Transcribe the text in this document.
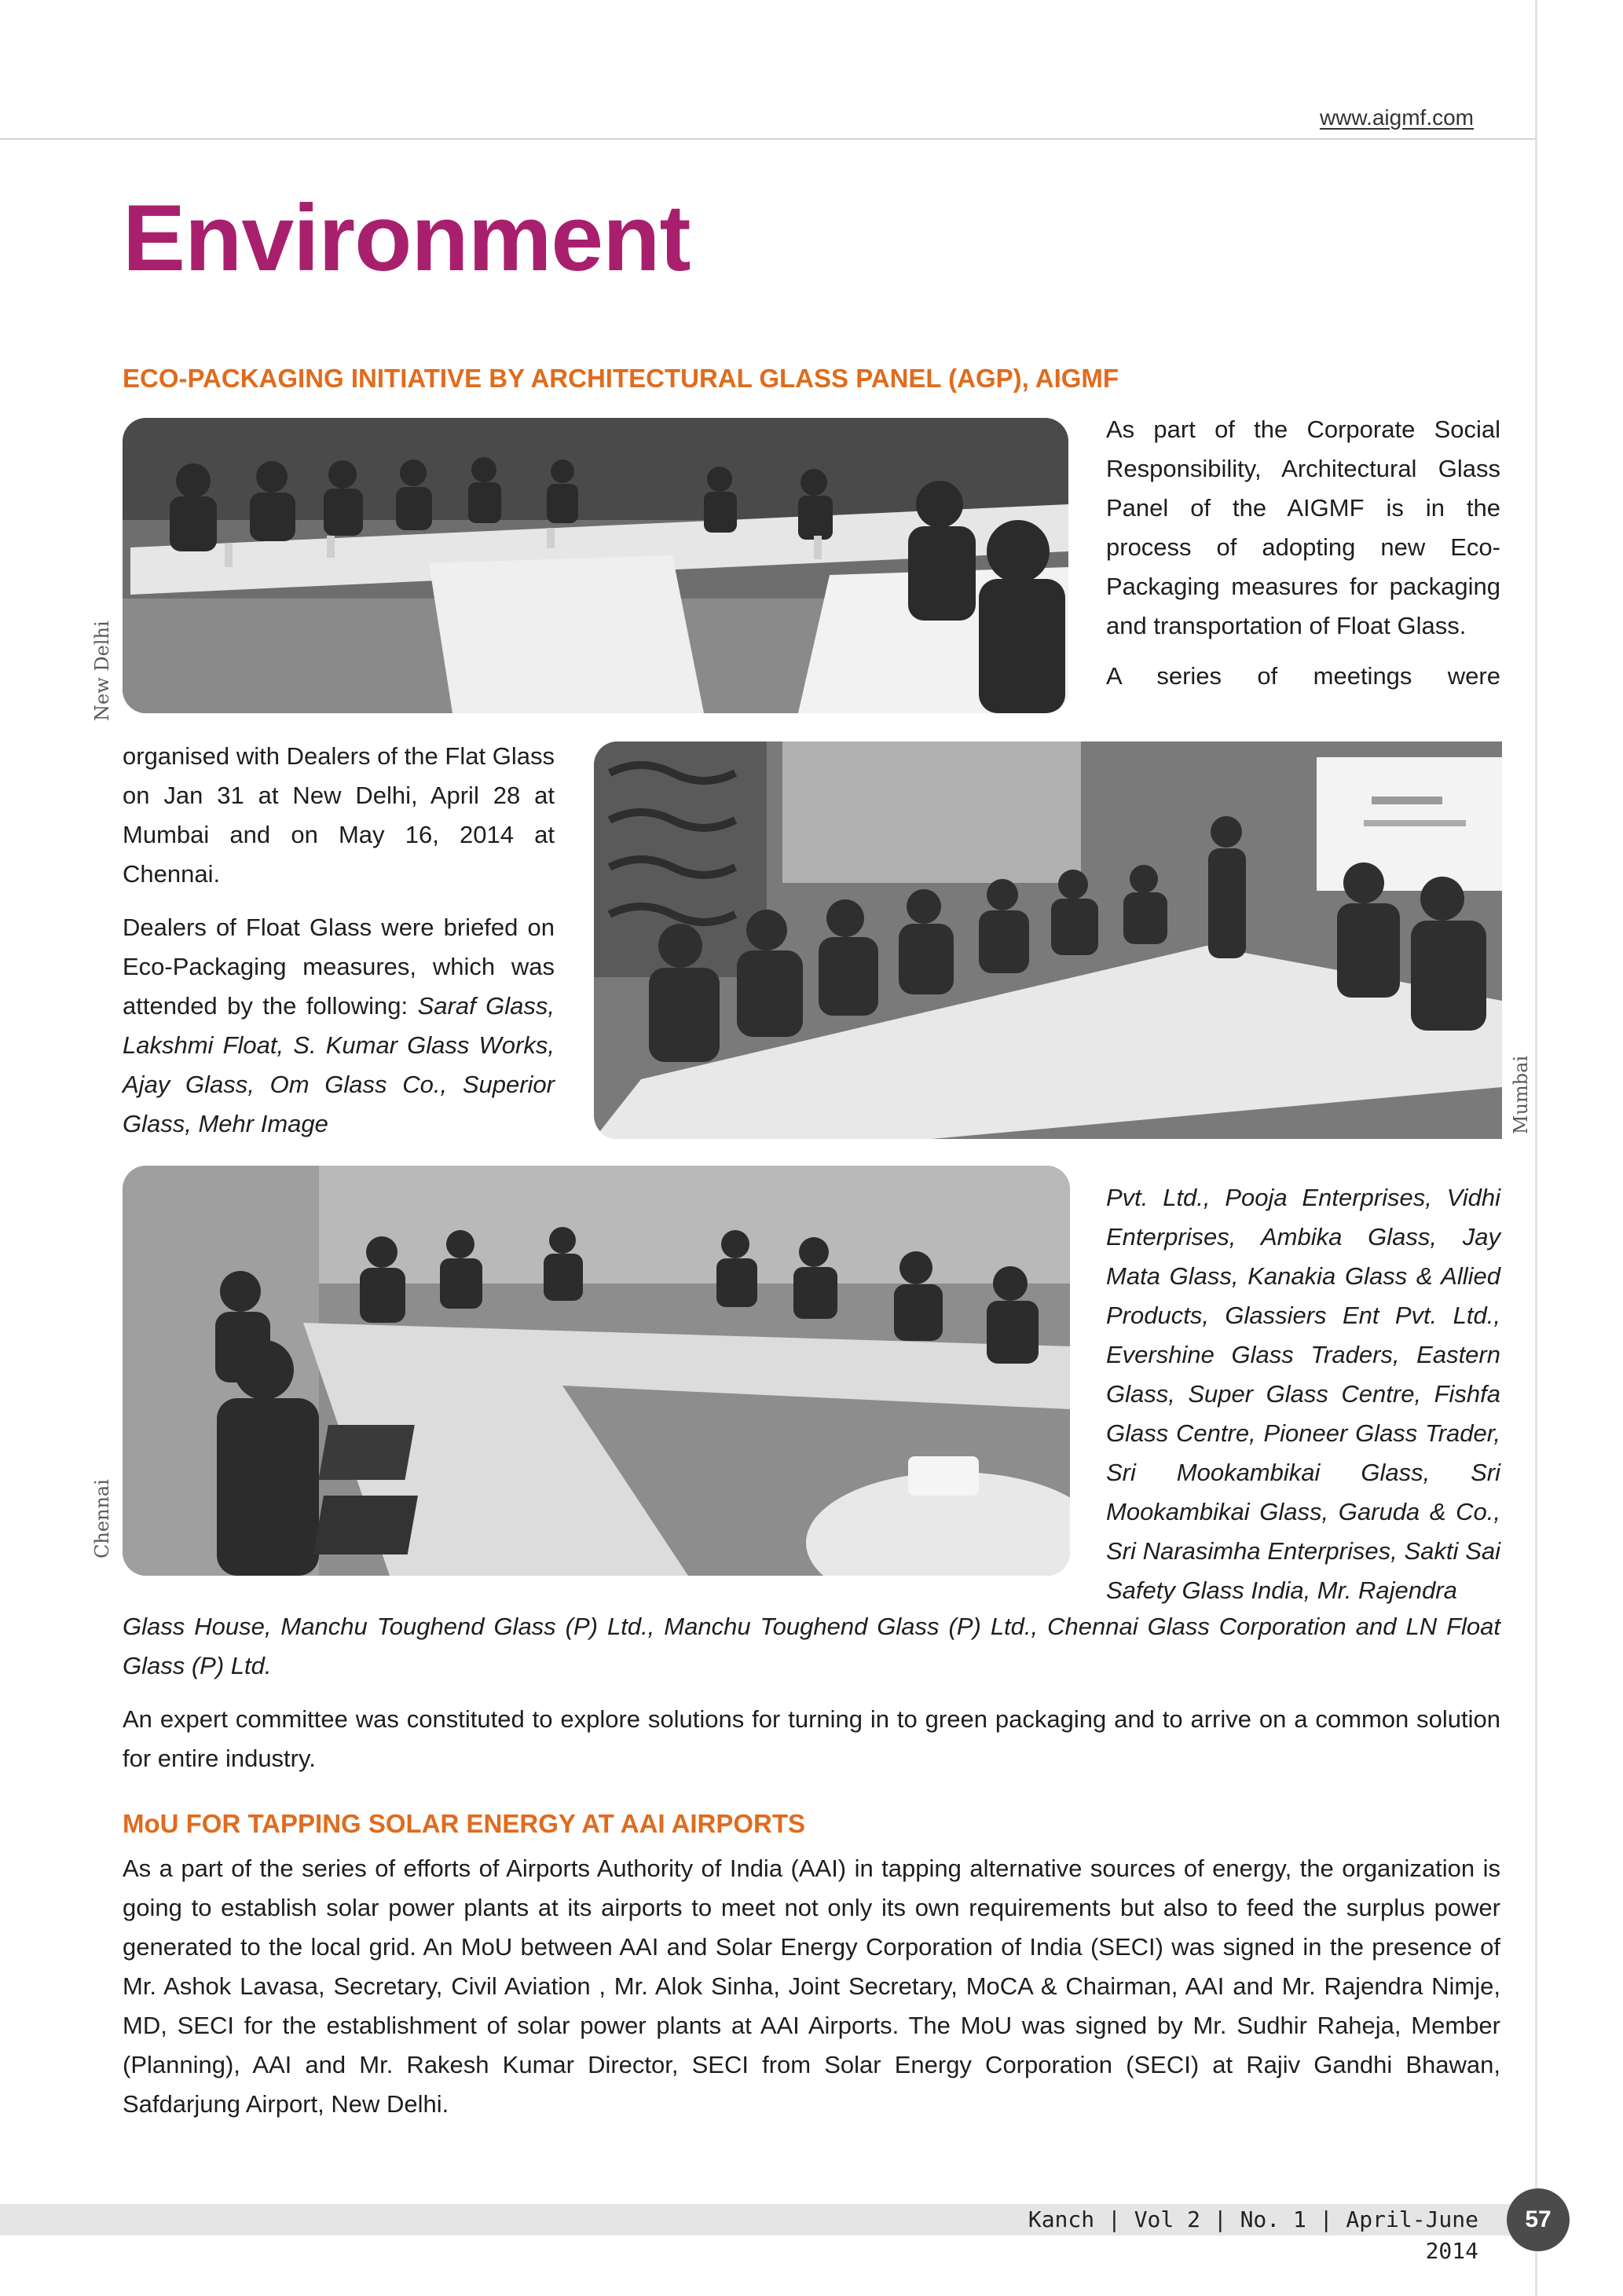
www.aigmf.com
Environment
ECO-PACKAGING INITIATIVE BY ARCHITECTURAL GLASS PANEL (AGP), AIGMF
New Delhi

As part of the Corporate Social Responsibility, Architectural Glass Panel of the AIGMF is in the process of adopting new Eco-Packaging measures for packaging and transportation of Float Glass.

A series of meetings were

organised with Dealers of the Flat Glass on Jan 31 at New Delhi, April 28 at Mumbai and on May 16, 2014 at Chennai.

Dealers of Float Glass were briefed on Eco-Packaging measures, which was attended by the following: Saraf Glass, Lakshmi Float, S. Kumar Glass Works, Ajay Glass, Om Glass Co., Superior Glass, Mehr Image	Mumbai
Chennai
Pvt. Ltd., Pooja Enterprises, Vidhi Enterprises, Ambika Glass, Jay Mata Glass, Kanakia Glass & Allied Products, Glassiers Ent Pvt. Ltd., Evershine Glass Traders, Eastern Glass, Super Glass Centre, Fishfa Glass Centre, Pioneer Glass Trader, Sri Mookambikai Glass, Sri Mookambikai Glass, Garuda & Co., Sri Narasimha Enterprises, Sakti Sai Safety Glass India, Mr. Rajendra

Glass House, Manchu Toughend Glass (P) Ltd., Manchu Toughend Glass (P) Ltd., Chennai Glass Corporation and LN Float Glass (P) Ltd.

An expert committee was constituted to explore solutions for turning in to green packaging and to arrive on a common solution for entire industry.

MoU FOR TAPPING SOLAR ENERGY AT AAI AIRPORTS
As a part of the series of efforts of Airports Authority of India (AAI) in tapping alternative sources of energy, the organization is going to establish solar power plants at its airports to meet not only its own requirements but also to feed the surplus power generated to the local grid. An MoU between AAI and Solar Energy Corporation of India (SECI) was signed in the presence of Mr. Ashok Lavasa, Secretary, Civil Aviation , Mr. Alok Sinha, Joint Secretary, MoCA & Chairman, AAI and Mr. Rajendra Nimje, MD, SECI for the establishment of solar power plants at AAI Airports. The MoU was signed by Mr. Sudhir Raheja, Member (Planning), AAI and Mr. Rakesh Kumar Director, SECI from Solar Energy Corporation (SECI) at Rajiv Gandhi Bhawan, Safdarjung Airport, New Delhi.
Kanch | Vol 2 | No. 1 | April-June 2014
57
